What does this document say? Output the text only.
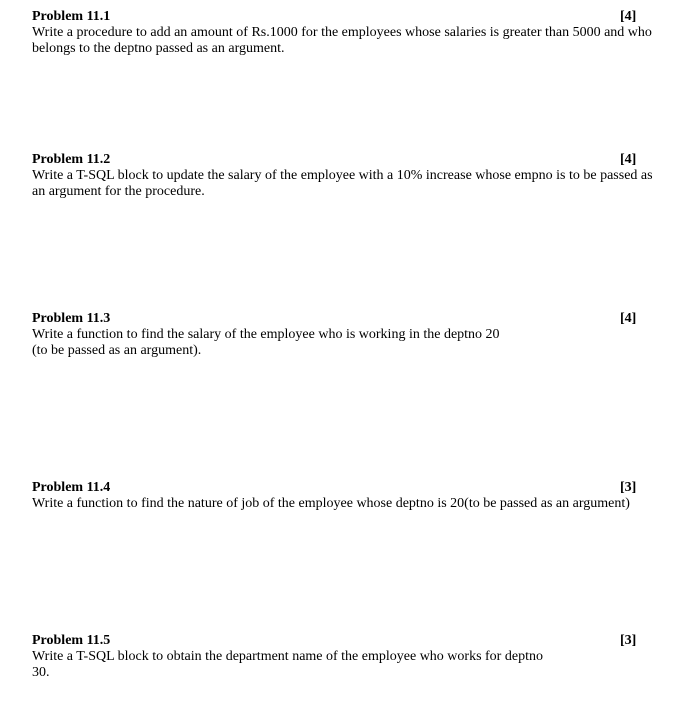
Problem 11.1	[4]
Write a procedure to add an amount of Rs.1000 for the employees whose salaries is greater than 5000 and who
belongs to the deptno passed as an argument.
Problem 11.2	[4]
Write a T-SQL block to update the salary of the employee with a 10% increase whose empno is to be passed as
an argument for the procedure.
Problem 11.3	[4]
Write a function to find the salary of the employee who is working in the deptno 20
(to be passed as an argument).
Problem 11.4	[3]
Write a function to find the nature of job of the employee whose deptno is 20(to be passed as an argument)
Problem 11.5	[3]
Write a T-SQL block to obtain the department name of the employee who works for deptno
30.
